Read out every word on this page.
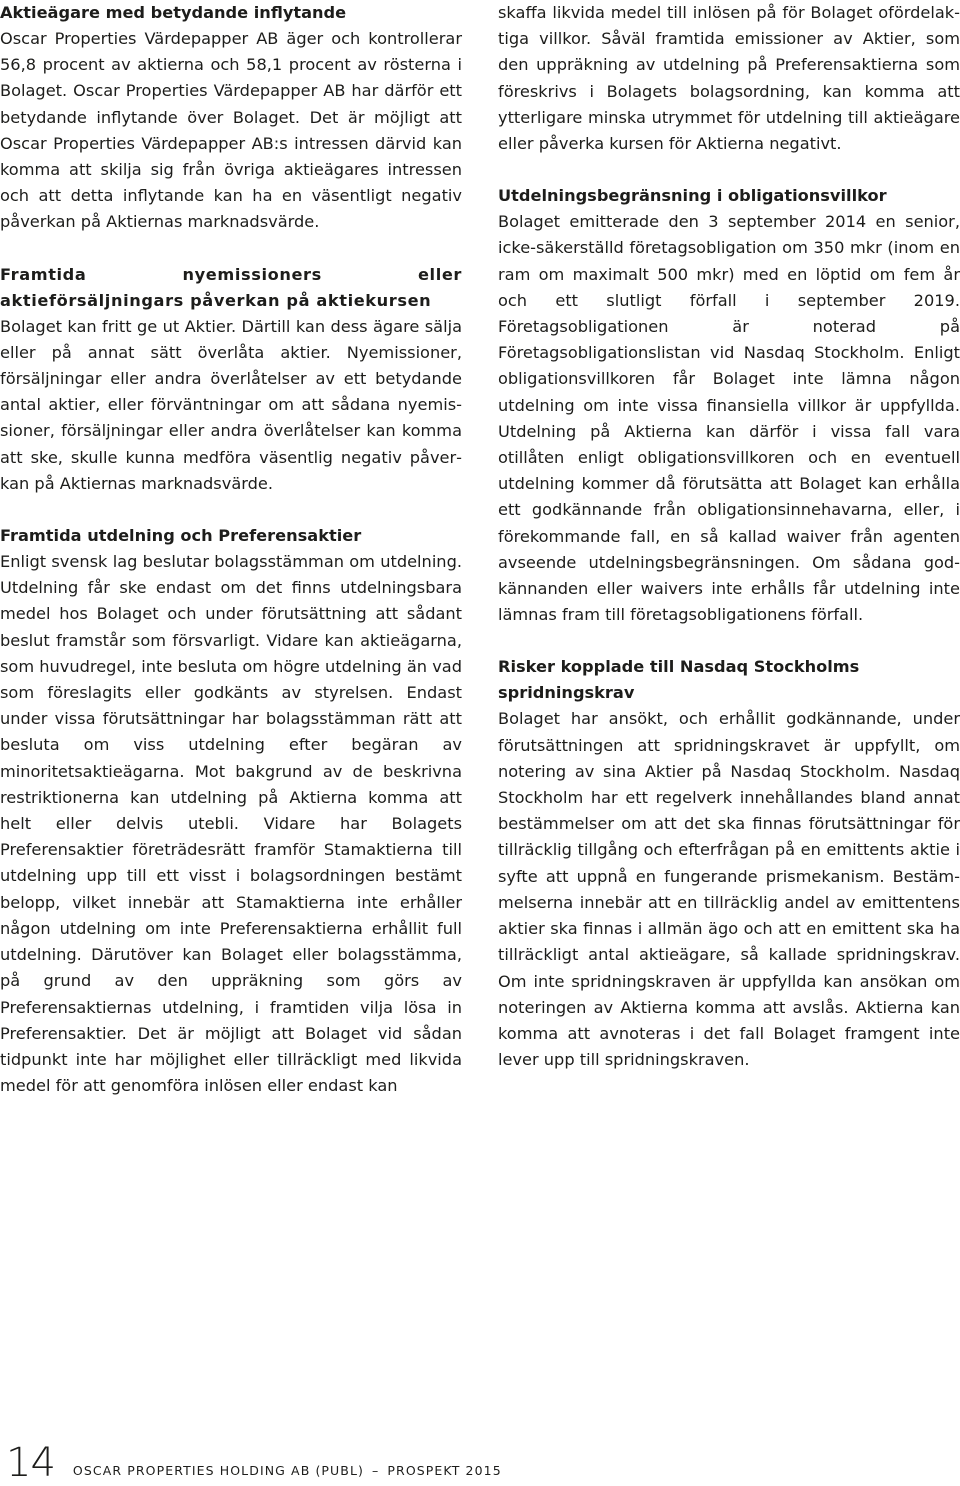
Aktieägare med betydande inflytande

Oscar Properties Värdepapper AB äger och kontrollerar 56,8 procent av aktierna och 58,1 procent av rösterna i Bolaget. Oscar Properties Värdepapper AB har därför ett betydande inflytande över Bolaget. Det är möjligt att Oscar Properties Värdepapper AB:s intressen därvid kan komma att skilja sig från övriga aktieägares intressen och att detta inflytande kan ha en väsentligt negativ påverkan på Aktiernas marknadsvärde.

Framtida nyemissioners eller aktieförsäljningars påverkan på aktiekursen

Bolaget kan fritt ge ut Aktier. Därtill kan dess ägare sälja eller på annat sätt överlåta aktier. Nyemissioner, försäljningar eller andra överlåtelser av ett betydande antal aktier, eller förväntningar om att sådana nyemissioner, försäljningar eller andra överlåtelser kan komma att ske, skulle kunna medföra väsentlig negativ påverkan på Aktiernas marknadsvärde.

Framtida utdelning och Preferensaktier

Enligt svensk lag beslutar bolagsstämman om utdelning. Utdelning får ske endast om det finns utdelningsbara medel hos Bolaget och under förutsättning att sådant beslut framstår som försvarligt. Vidare kan aktieägarna, som huvudregel, inte besluta om högre utdelning än vad som föreslagits eller godkänts av styrelsen. Endast under vissa förutsättningar har bolagsstämman rätt att besluta om viss utdelning efter begäran av minoritetsaktieägarna. Mot bakgrund av de beskrivna restriktionerna kan utdelning på Aktierna komma att helt eller delvis utebli. Vidare har Bolagets Preferensaktier företrädesrätt framför Stamaktierna till utdelning upp till ett visst i bolagsordningen bestämt belopp, vilket innebär att Stamaktierna inte erhåller någon utdelning om inte Preferensaktierna erhållit full utdelning. Därutöver kan Bolaget eller bolagsstämma, på grund av den uppräkning som görs av Preferensaktiernas utdelning, i framtiden vilja lösa in Preferensaktier. Det är möjligt att Bolaget vid sådan tidpunkt inte har möjlighet eller tillräckligt med likvida medel för att genomföra inlösen eller endast kan

skaffa likvida medel till inlösen på för Bolaget ofördelaktiga villkor. Såväl framtida emissioner av Aktier, som den uppräkning av utdelning på Preferensaktierna som föreskrivs i Bolagets bolagsordning, kan komma att ytterligare minska utrymmet för utdelning till aktieägare eller påverka kursen för Aktierna negativt.

Utdelningsbegränsning i obligationsvillkor

Bolaget emitterade den 3 september 2014 en senior, icke-säkerställd företagsobligation om 350 mkr (inom en ram om maximalt 500 mkr) med en löptid om fem år och ett slutligt förfall i september 2019. Företagsobligationen är noterad på Företagsobligationslistan vid Nasdaq Stockholm. Enligt obligationsvillkoren får Bolaget inte lämna någon utdelning om inte vissa finansiella villkor är uppfyllda. Utdelning på Aktierna kan därför i vissa fall vara otillåten enligt obligationsvillkoren och en eventuell utdelning kommer då förutsätta att Bolaget kan erhålla ett godkännande från obligationsinnehavarna, eller, i förekommande fall, en så kallad waiver från agenten avseende utdelningsbegränsningen. Om sådana godkännanden eller waivers inte erhålls får utdelning inte lämnas fram till företagsobligationens förfall.

Risker kopplade till Nasdaq Stockholms spridningskrav

Bolaget har ansökt, och erhållit godkännande, under förutsättningen att spridningskravet är uppfyllt, om notering av sina Aktier på Nasdaq Stockholm. Nasdaq Stockholm har ett regelverk innehållandes bland annat bestämmelser om att det ska finnas förutsättningar för tillräcklig tillgång och efterfrågan på en emittents aktie i syfte att uppnå en fungerande prismekanism. Bestämmelserna innebär att en tillräcklig andel av emittentens aktier ska finnas i allmän ägo och att en emittent ska ha tillräckligt antal aktieägare, så kallade spridningskrav. Om inte spridningskraven är uppfyllda kan ansökan om noteringen av Aktierna komma att avslås. Aktierna kan komma att avnoteras i det fall Bolaget framgent inte lever upp till spridningskraven.

14 OSCAR PROPERTIES HOLDING AB (PUBL) – PROSPEKT 2015
